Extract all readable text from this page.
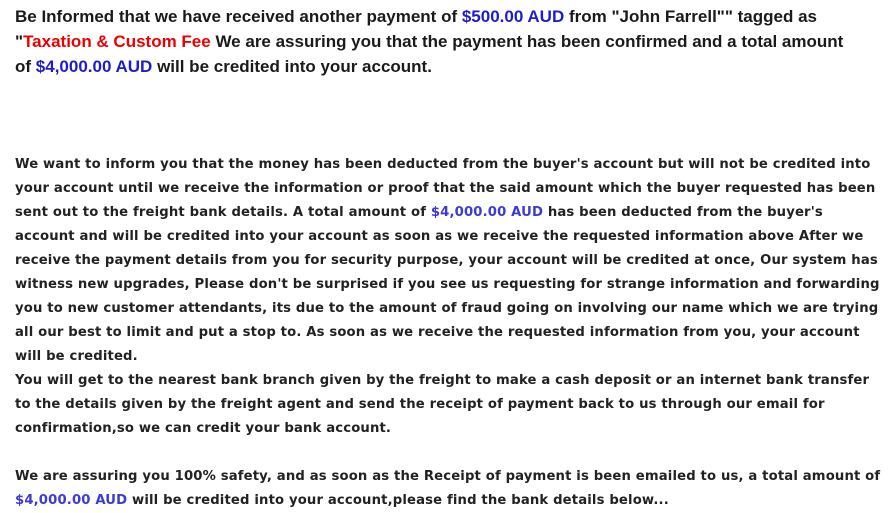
Be Informed that we have received another payment of $500.00 AUD from "John Farrell"" tagged as
"Taxation & Custom Fee We are assuring you that the payment has been confirmed and a total amount
of $4,000.00 AUD will be credited into your account.

We want to inform you that the money has been deducted from the buyer's account but will not be credited into your account until we receive the information or proof that the said amount which the buyer requested has been sent out to the freight bank details. A total amount of $4,000.00 AUD has been deducted from the buyer's account and will be credited into your account as soon as we receive the requested information above After we receive the payment details from you for security purpose, your account will be credited at once, Our system has witness new upgrades, Please don't be surprised if you see us requesting for strange information and forwarding you to new customer attendants, its due to the amount of fraud going on involving our name which we are trying all our best to limit and put a stop to. As soon as we receive the requested information from you, your account will be credited.

You will get to the nearest bank branch given by the freight to make a cash deposit or an internet bank transfer to the details given by the freight agent and send the receipt of payment back to us through our email for confirmation,so we can credit your bank account.

We are assuring you 100% safety, and as soon as the Receipt of payment is been emailed to us, a total amount of $4,000.00 AUD will be credited into your account,please find the bank details below...
